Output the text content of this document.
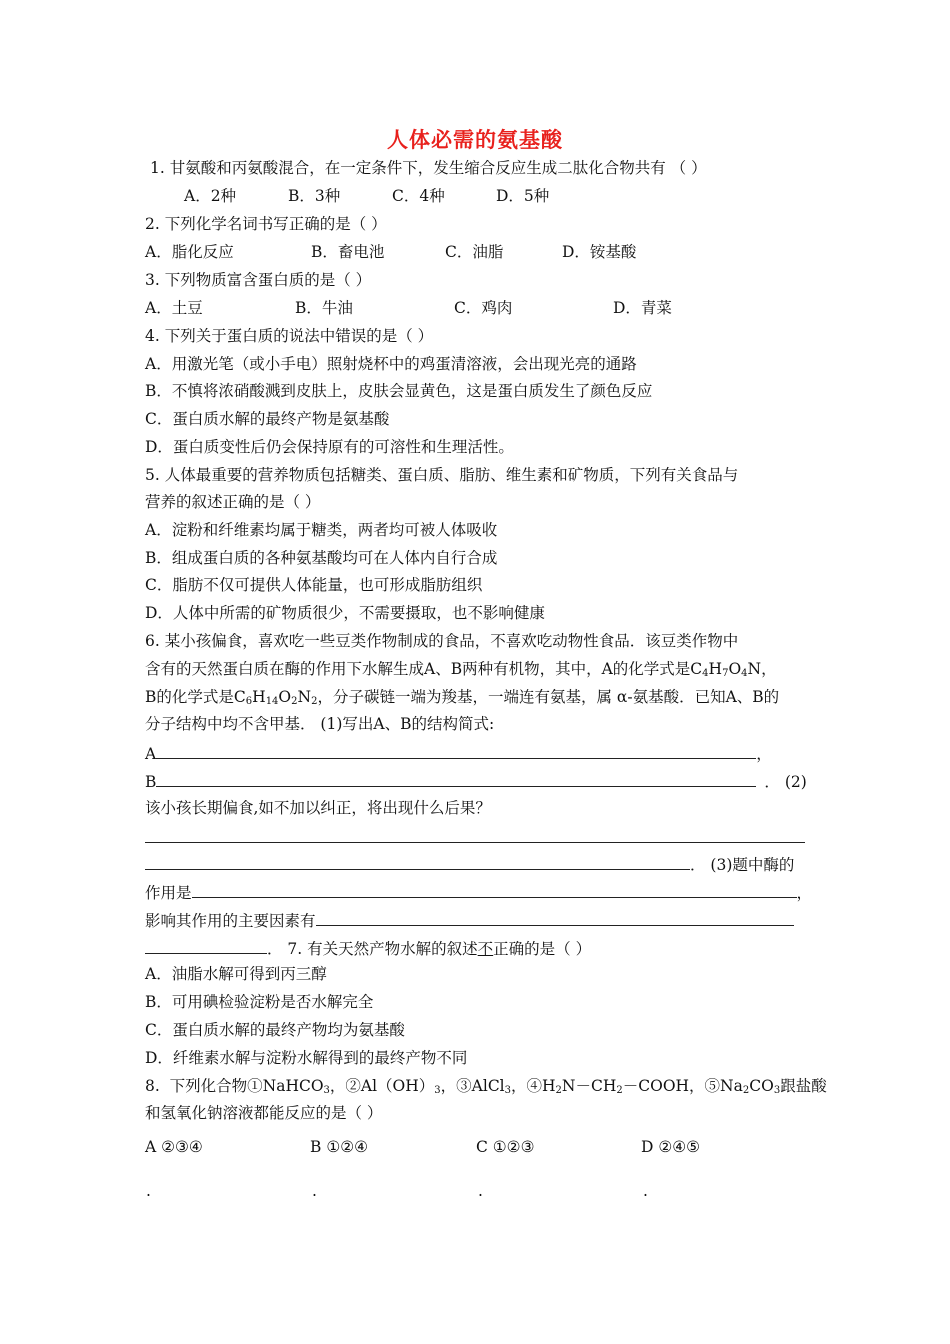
人体必需的氨基酸
1. 甘氨酸和丙氨酸混合，在一定条件下，发生缩合反应生成二肽化合物共有 （ ）
A．2种	B．3种	C．4种	D．5种
2. 下列化学名词书写正确的是（ ）
A．脂化反应	B．畜电池	C．油脂	D．铵基酸
3. 下列物质富含蛋白质的是（ ）
A．土豆	B．牛油	C．鸡肉	D．青菜
4. 下列关于蛋白质的说法中错误的是（ ）
A．用激光笔（或小手电）照射烧杯中的鸡蛋清溶液，会出现光亮的通路
B．不慎将浓硝酸溅到皮肤上，皮肤会显黄色，这是蛋白质发生了颜色反应
C．蛋白质水解的最终产物是氨基酸
D．蛋白质变性后仍会保持原有的可溶性和生理活性。
5. 人体最重要的营养物质包括糖类、蛋白质、脂肪、维生素和矿物质，下列有关食品与
营养的叙述正确的是（ ）
A．淀粉和纤维素均属于糖类，两者均可被人体吸收
B．组成蛋白质的各种氨基酸均可在人体内自行合成
C．脂肪不仅可提供人体能量，也可形成脂肪组织
D．人体中所需的矿物质很少，不需要摄取，也不影响健康
6. 某小孩偏食，喜欢吃一些豆类作物制成的食品，不喜欢吃动物性食品．该豆类作物中
含有的天然蛋白质在酶的作用下水解生成A、B两种有机物，其中，A的化学式是$C_4H_7O_4N$，
B的化学式是$C_6H_{14}O_2N_2$，分子碳链一端为羧基，一端连有氨基，属 α-氨基酸．已知A、B的
分子结构中均不含甲基． (1)写出A、B的结构简式:
A	，
B	． (2)
该小孩长期偏食,如不加以纠正，将出现什么后果？
． (3)题中酶的
作用是	，
影响其作用的主要因素有
． 7. 有关天然产物水解的叙述不正确的是（ ）
A．油脂水解可得到丙三醇
B．可用碘检验淀粉是否水解完全
C．蛋白质水解的最终产物均为氨基酸
D．纤维素水解与淀粉水解得到的最终产物不同
8.  下列化合物①NaHCO$_3$，$②Al(OH)_3$，③AlCl$_3$，$④H_2N-CH_2-COOH$，$⑤Na_2CO_3$跟盐酸
和氢氧化钠溶液都能反应的是（ ）
A ②③④	B ①②④	C ①②③	D ②④⑤
.	.	.	.
